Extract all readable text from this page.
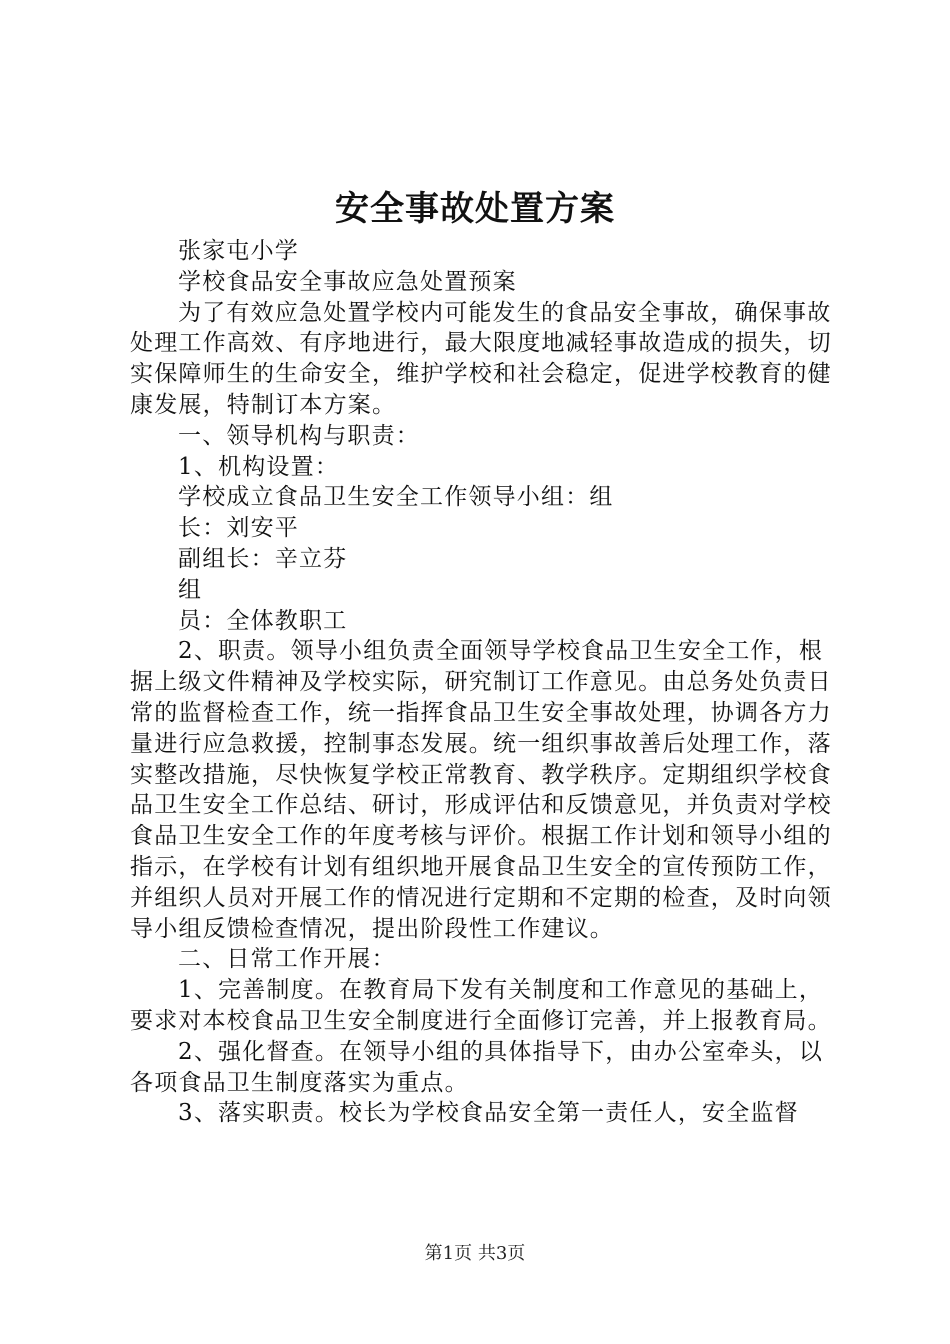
安全事故处置方案

张家屯小学

学校食品安全事故应急处置预案

为了有效应急处置学校内可能发生的食品安全事故，确保事故处理工作高效、有序地进行，最大限度地减轻事故造成的损失，切实保障师生的生命安全，维护学校和社会稳定，促进学校教育的健康发展，特制订本方案。

一、领导机构与职责：

1、机构设置：

学校成立食品卫生安全工作领导小组：组

长：刘安平

副组长：辛立芬

组

员：全体教职工

2、职责。领导小组负责全面领导学校食品卫生安全工作，根据上级文件精神及学校实际，研究制订工作意见。由总务处负责日常的监督检查工作，统一指挥食品卫生安全事故处理，协调各方力量进行应急救援，控制事态发展。统一组织事故善后处理工作，落实整改措施，尽快恢复学校正常教育、教学秩序。定期组织学校食品卫生安全工作总结、研讨，形成评估和反馈意见，并负责对学校食品卫生安全工作的年度考核与评价。根据工作计划和领导小组的指示，在学校有计划有组织地开展食品卫生安全的宣传预防工作，并组织人员对开展工作的情况进行定期和不定期的检查，及时向领导小组反馈检查情况，提出阶段性工作建议。

二、日常工作开展：

1、完善制度。在教育局下发有关制度和工作意见的基础上，要求对本校食品卫生安全制度进行全面修订完善，并上报教育局。

2、强化督查。在领导小组的具体指导下，由办公室牵头，以各项食品卫生制度落实为重点。

3、落实职责。校长为学校食品安全第一责任人，安全监督

第1页 共3页
